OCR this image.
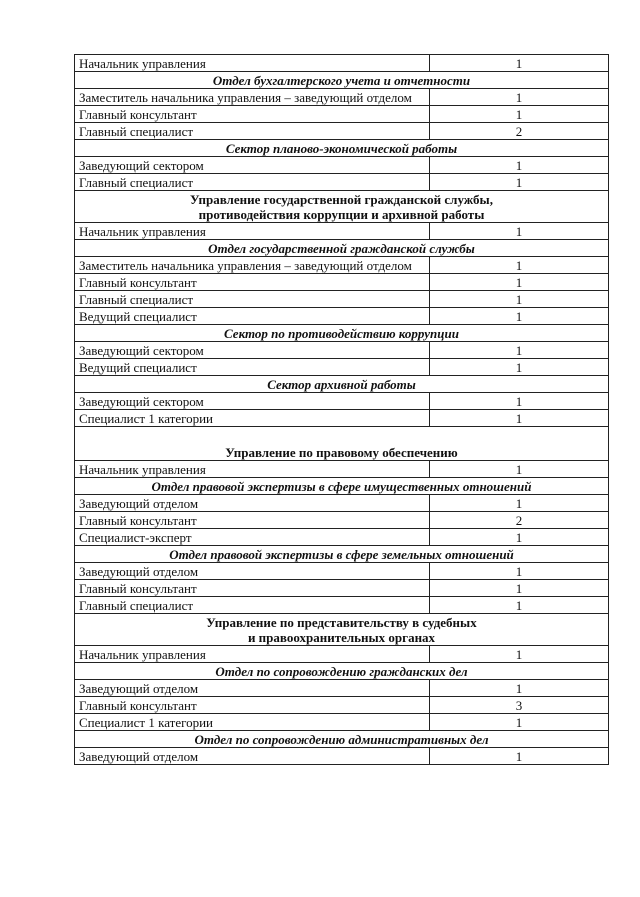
Начальник управления	1
Отдел бухгалтерского учета и отчетности	
Заместитель начальника управления – заведующий отделом	1
Главный консультант	1
Главный специалист	2
Сектор планово-экономической работы	
Заведующий сектором	1
Главный специалист	1
Управление государственной гражданской службы,
противодействия коррупции и архивной работы	
Начальник управления	1
Отдел государственной гражданской службы	
Заместитель начальника управления – заведующий отделом	1
Главный консультант	1
Главный специалист	1
Ведущий специалист	1
Сектор по противодействию коррупции	
Заведующий сектором	1
Ведущий специалист	1
Сектор архивной работы	
Заведующий сектором	1
Специалист 1 категории	1
Управление по правовому обеспечению	
Начальник управления	1
Отдел правовой экспертизы в сфере имущественных отношений	
Заведующий отделом	1
Главный консультант	2
Специалист-эксперт	1
Отдел правовой экспертизы в сфере земельных отношений	
Заведующий отделом	1
Главный консультант	1
Главный специалист	1
Управление по представительству в судебных
и правоохранительных органах	
Начальник управления	1
Отдел по сопровождению гражданских дел	
Заведующий отделом	1
Главный консультант	3
Специалист 1 категории	1
Отдел по сопровождению административных дел	
Заведующий отделом	1
